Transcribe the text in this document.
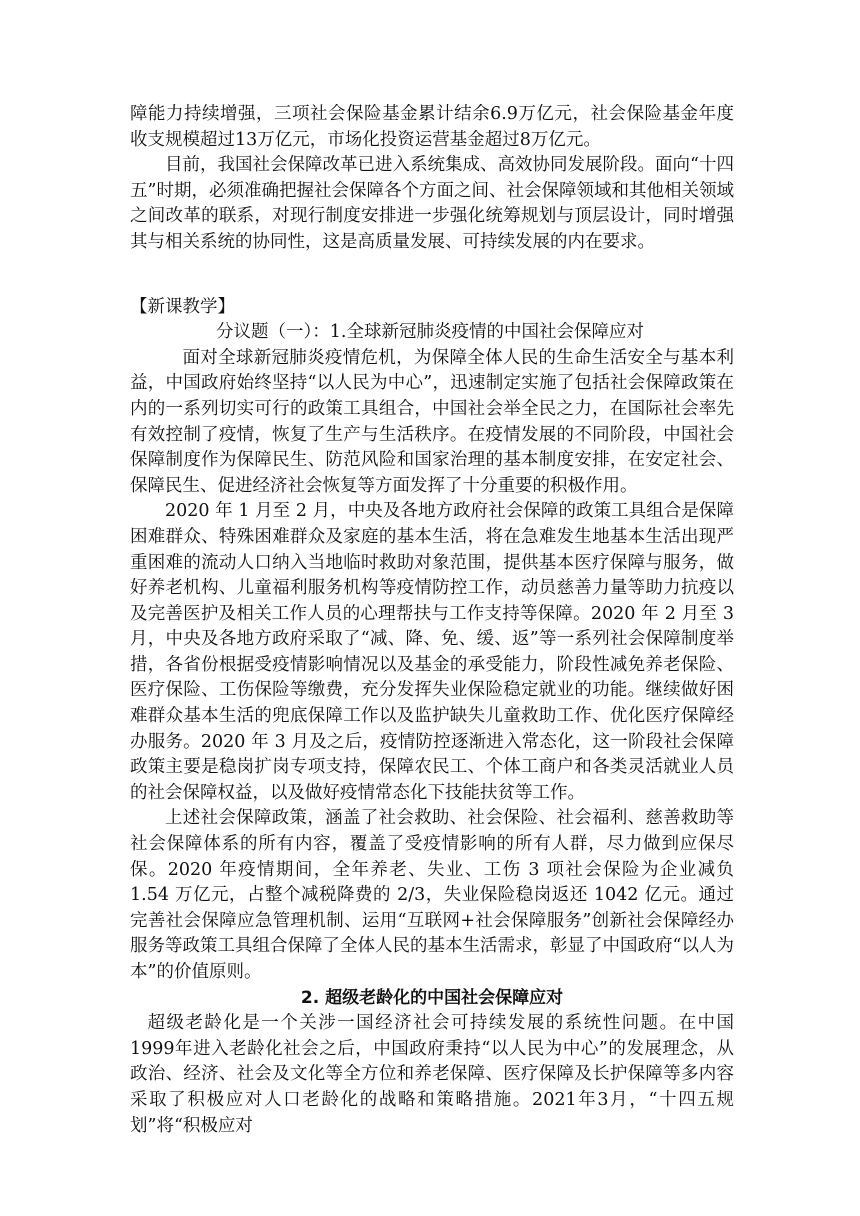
障能力持续增强，三项社会保险基金累计结余6.9万亿元，社会保险基金年度收支规模超过13万亿元，市场化投资运营基金超过8万亿元。

目前，我国社会保障改革已进入系统集成、高效协同发展阶段。面向“十四五”时期，必须准确把握社会保障各个方面之间、社会保障领域和其他相关领域之间改革的联系，对现行制度安排进一步强化统筹规划与顶层设计，同时增强其与相关系统的协同性，这是高质量发展、可持续发展的内在要求。

【新课教学】

分议题（一）：1.全球新冠肺炎疫情的中国社会保障应对

面对全球新冠肺炎疫情危机，为保障全体人民的生命生活安全与基本利益，中国政府始终坚持“以人民为中心”，迅速制定实施了包括社会保障政策在内的一系列切实可行的政策工具组合，中国社会举全民之力，在国际社会率先有效控制了疫情，恢复了生产与生活秩序。在疫情发展的不同阶段，中国社会保障制度作为保障民生、防范风险和国家治理的基本制度安排，在安定社会、保障民生、促进经济社会恢复等方面发挥了十分重要的积极作用。

2020 年 1 月至 2 月，中央及各地方政府社会保障的政策工具组合是保障困难群众、特殊困难群众及家庭的基本生活，将在急难发生地基本生活出现严重困难的流动人口纳入当地临时救助对象范围，提供基本医疗保障与服务，做好养老机构、儿童福利服务机构等疫情防控工作，动员慈善力量等助力抗疫以及完善医护及相关工作人员的心理帮扶与工作支持等保障。2020 年 2 月至 3 月，中央及各地方政府采取了“减、降、免、缓、返”等一系列社会保障制度举措，各省份根据受疫情影响情况以及基金的承受能力，阶段性减免养老保险、医疗保险、工伤保险等缴费，充分发挥失业保险稳定就业的功能。继续做好困难群众基本生活的兜底保障工作以及监护缺失儿童救助工作、优化医疗保障经办服务。2020 年 3 月及之后，疫情防控逐渐进入常态化，这一阶段社会保障政策主要是稳岗扩岗专项支持，保障农民工、个体工商户和各类灵活就业人员的社会保障权益，以及做好疫情常态化下技能扶贫等工作。

上述社会保障政策，涵盖了社会救助、社会保险、社会福利、慈善救助等社会保障体系的所有内容，覆盖了受疫情影响的所有人群，尽力做到应保尽保。2020 年疫情期间，全年养老、失业、工伤 3 项社会保险为企业减负 1.54 万亿元，占整个减税降费的 2/3，失业保险稳岗返还 1042 亿元。通过完善社会保障应急管理机制、运用“互联网+社会保障服务”创新社会保障经办服务等政策工具组合保障了全体人民的基本生活需求，彰显了中国政府“以人为本”的价值原则。

2. 超级老龄化的中国社会保障应对

超级老龄化是一个关涉一国经济社会可持续发展的系统性问题。在中国1999年进入老龄化社会之后，中国政府秉持“以人民为中心”的发展理念，从政治、经济、社会及文化等全方位和养老保障、医疗保障及长护保障等多内容采取了积极应对人口老龄化的战略和策略措施。2021年3月，“十四五规划”将“积极应对
